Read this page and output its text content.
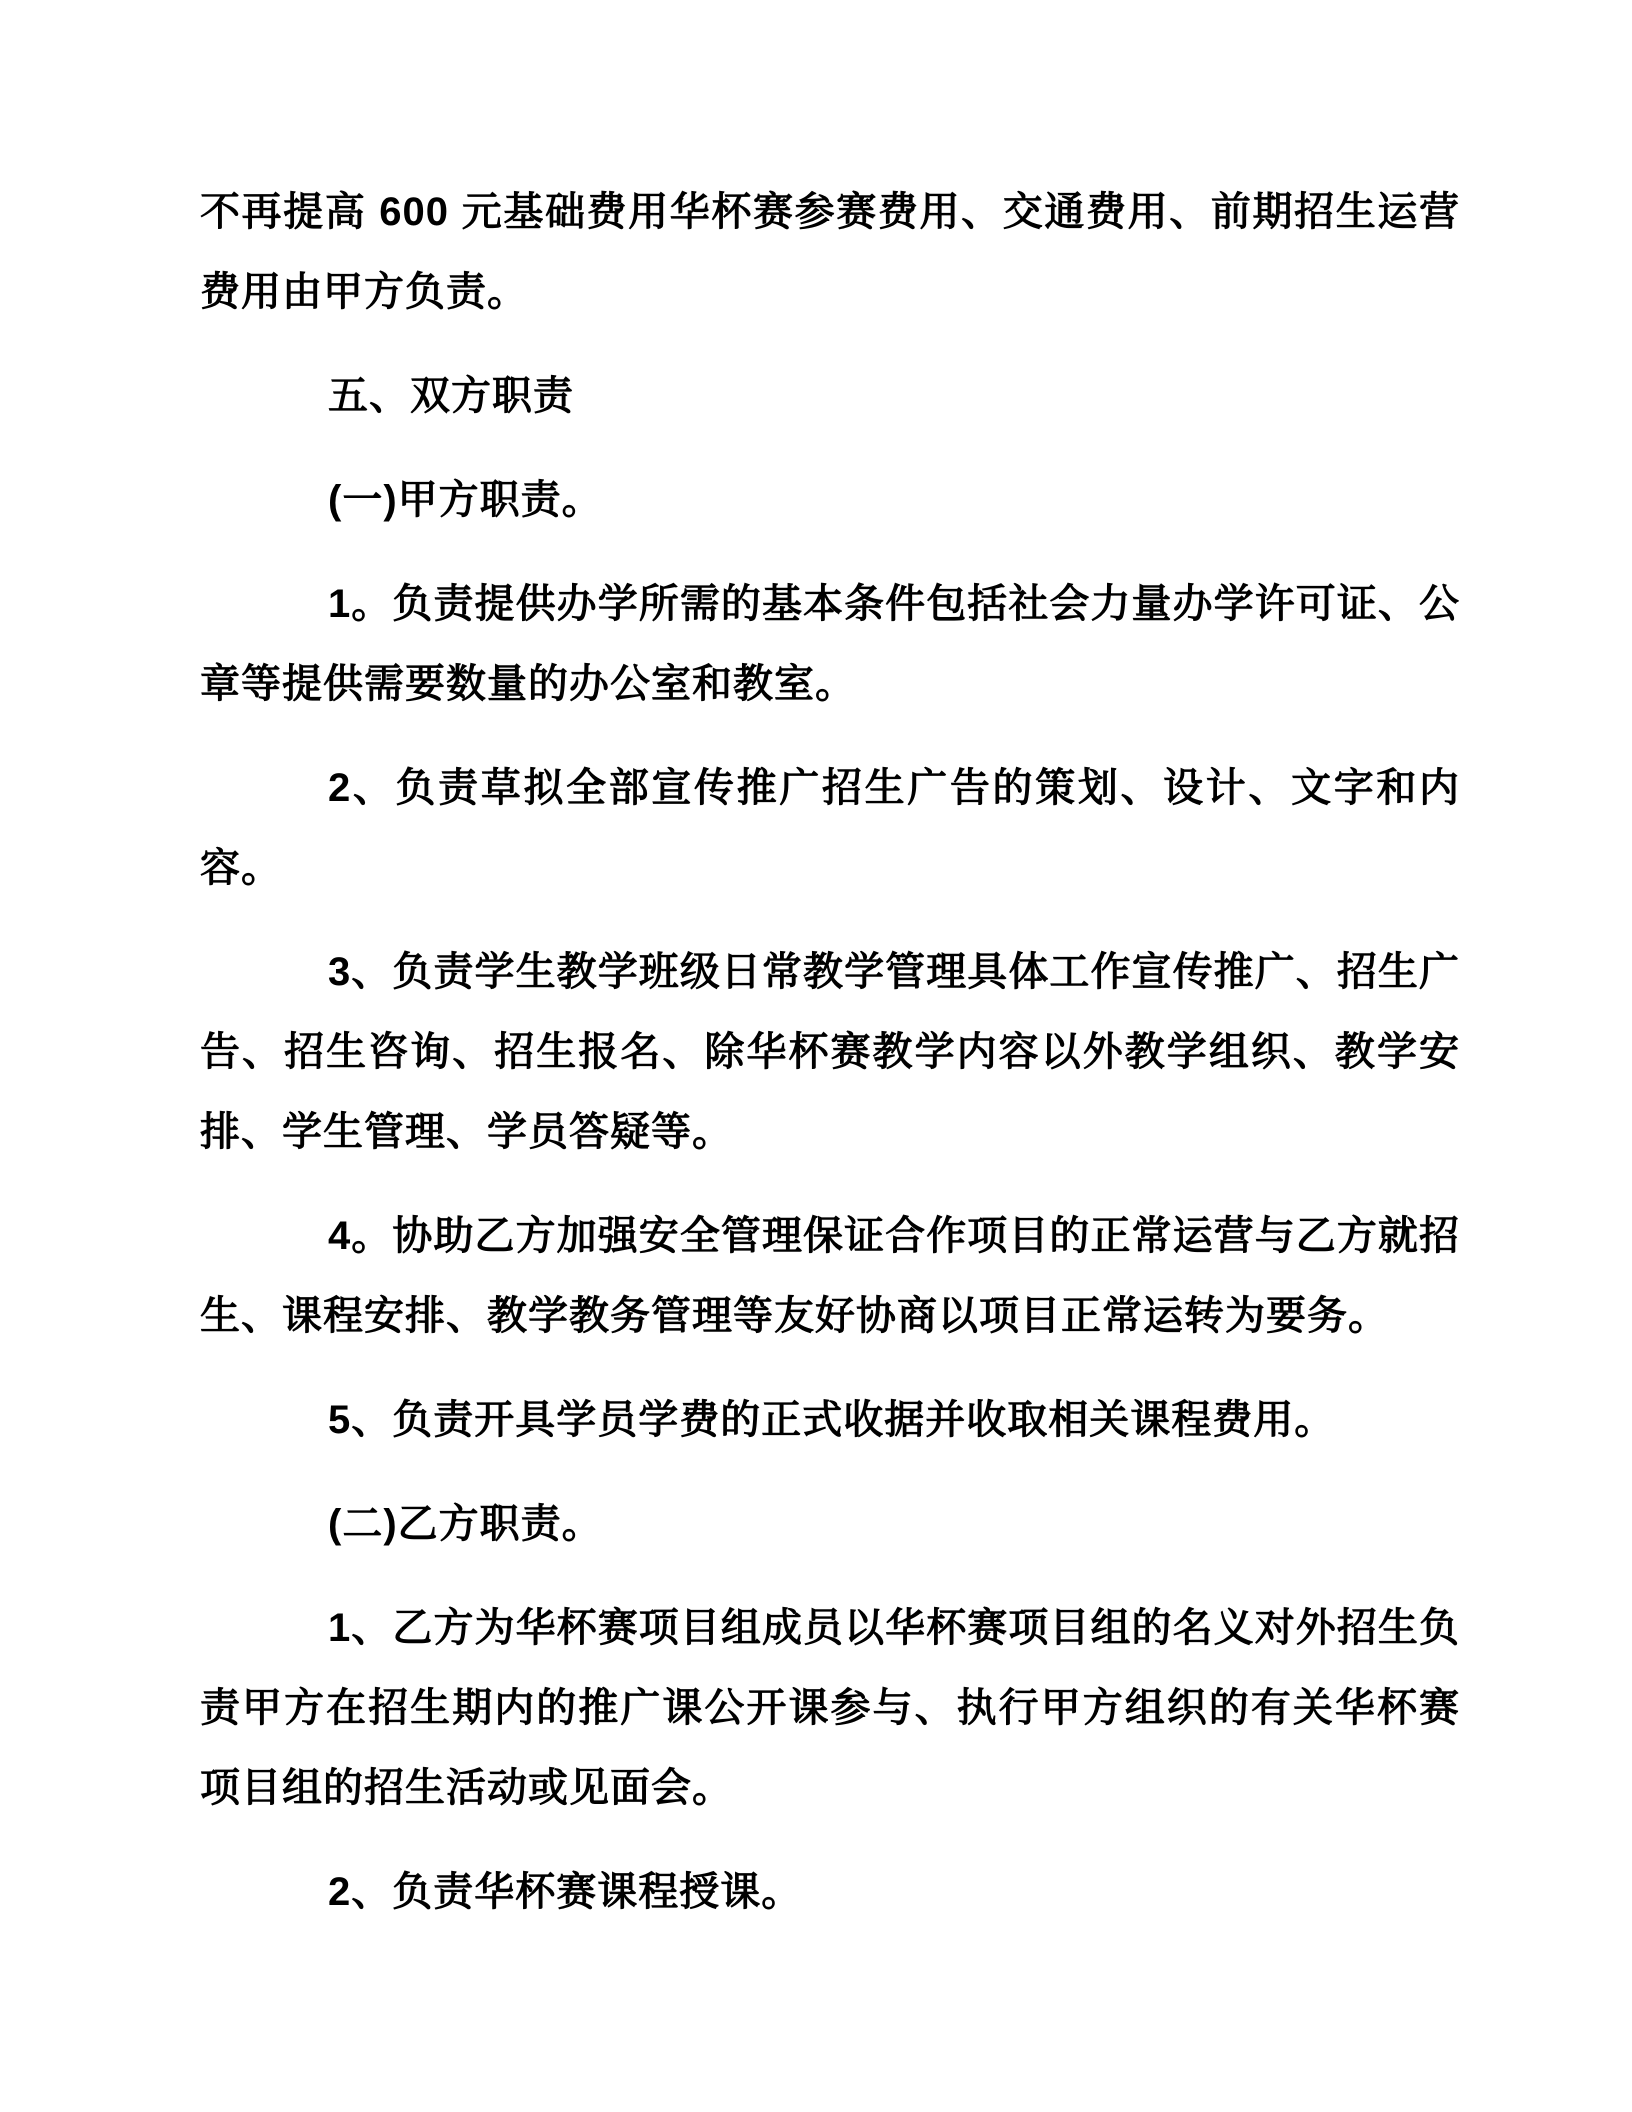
不再提高 600 元基础费用华杯赛参赛费用、交通费用、前期招生运营费用由甲方负责。

五、双方职责

(一)甲方职责。

1。负责提供办学所需的基本条件包括社会力量办学许可证、公章等提供需要数量的办公室和教室。

2、负责草拟全部宣传推广招生广告的策划、设计、文字和内容。

3、负责学生教学班级日常教学管理具体工作宣传推广、招生广告、招生咨询、招生报名、除华杯赛教学内容以外教学组织、教学安排、学生管理、学员答疑等。

4。协助乙方加强安全管理保证合作项目的正常运营与乙方就招生、课程安排、教学教务管理等友好协商以项目正常运转为要务。

5、负责开具学员学费的正式收据并收取相关课程费用。

(二)乙方职责。

1、乙方为华杯赛项目组成员以华杯赛项目组的名义对外招生负责甲方在招生期内的推广课公开课参与、执行甲方组织的有关华杯赛项目组的招生活动或见面会。

2、负责华杯赛课程授课。
